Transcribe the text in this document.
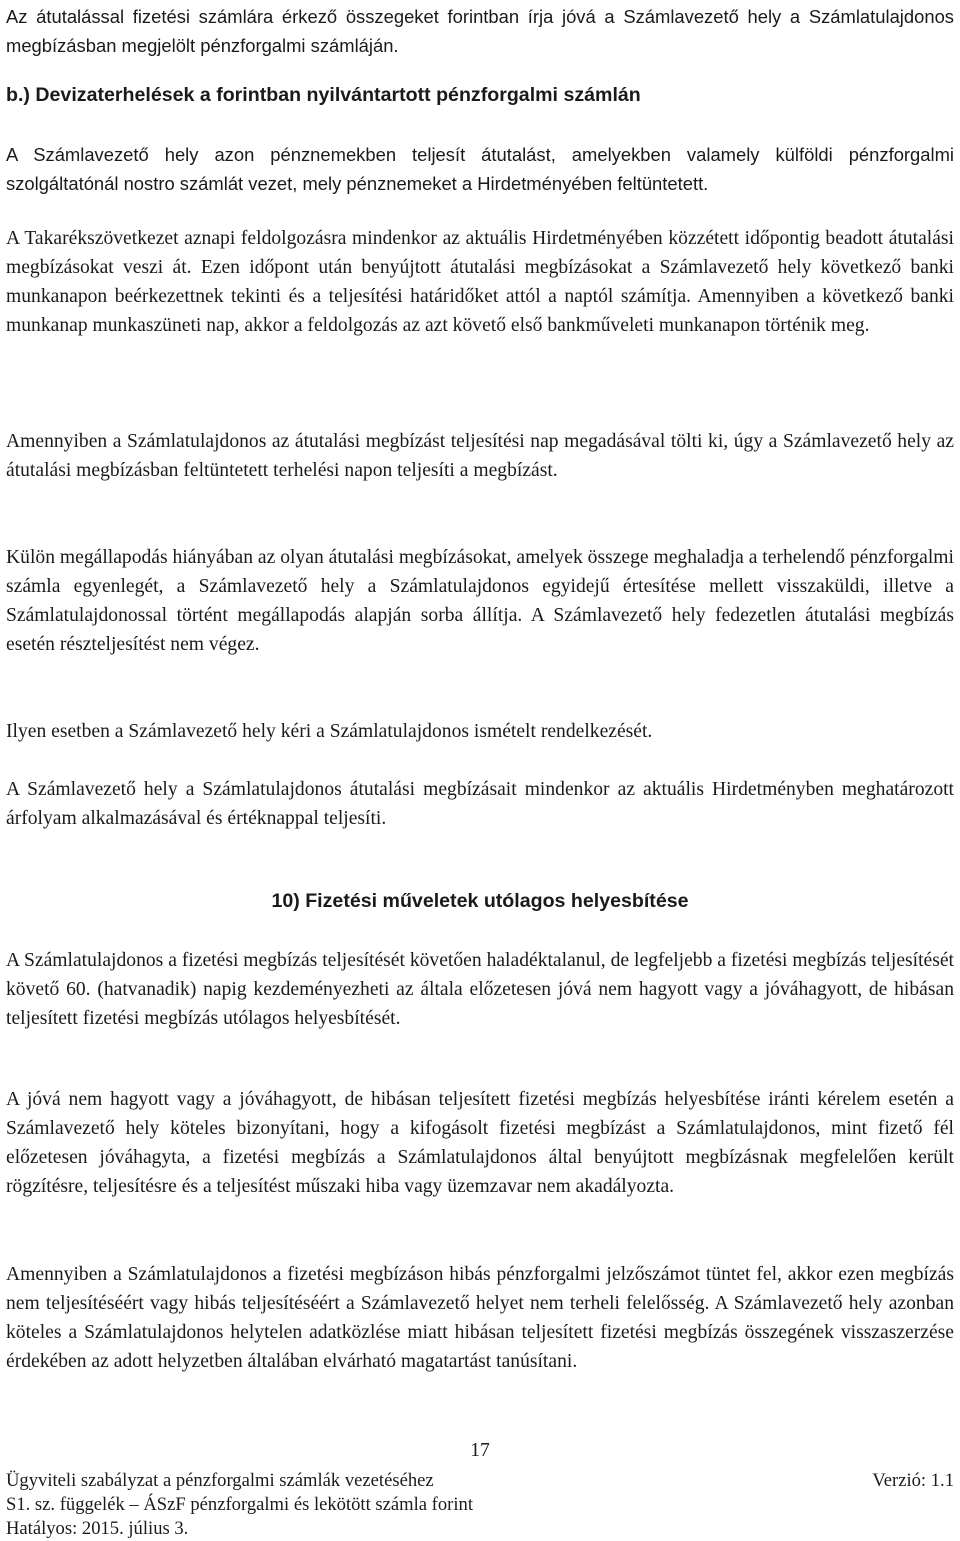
Az átutalással fizetési számlára érkező összegeket forintban írja jóvá a Számlavezető hely a Számlatulajdonos megbízásban megjelölt pénzforgalmi számláján.

b.) Devizaterhelések a forintban nyilvántartott pénzforgalmi számlán

A Számlavezető hely azon pénznemekben teljesít átutalást, amelyekben valamely külföldi pénzforgalmi szolgáltatónál nostro számlát vezet, mely pénznemeket a Hirdetményében feltüntetett.

A Takarékszövetkezet aznapi feldolgozásra mindenkor az aktuális Hirdetményében közzétett időpontig beadott átutalási megbízásokat veszi át. Ezen időpont után benyújtott átutalási megbízásokat a Számlavezető hely következő banki munkanapon beérkezettnek tekinti és a teljesítési határidőket attól a naptól számítja. Amennyiben a következő banki munkanap munkaszüneti nap, akkor a feldolgozás az azt követő első bankműveleti munkanapon történik meg.

Amennyiben a Számlatulajdonos az átutalási megbízást teljesítési nap megadásával tölti ki, úgy a Számlavezető hely az átutalási megbízásban feltüntetett terhelési napon teljesíti a megbízást.

Külön megállapodás hiányában az olyan átutalási megbízásokat, amelyek összege meghaladja a terhelendő pénzforgalmi számla egyenlegét, a Számlavezető hely a Számlatulajdonos egyidejű értesítése mellett visszaküldi, illetve a Számlatulajdonossal történt megállapodás alapján sorba állítja. A Számlavezető hely fedezetlen átutalási megbízás esetén részteljesítést nem végez.

Ilyen esetben a Számlavezető hely kéri a Számlatulajdonos ismételt rendelkezését.

A Számlavezető hely a Számlatulajdonos átutalási megbízásait mindenkor az aktuális Hirdetményben meghatározott árfolyam alkalmazásával és értéknappal teljesíti.

10) Fizetési műveletek utólagos helyesbítése

A Számlatulajdonos a fizetési megbízás teljesítését követően haladéktalanul, de legfeljebb a fizetési megbízás teljesítését követő 60. (hatvanadik) napig kezdeményezheti az általa előzetesen jóvá nem hagyott vagy a jóváhagyott, de hibásan teljesített fizetési megbízás utólagos helyesbítését.

A jóvá nem hagyott vagy a jóváhagyott, de hibásan teljesített fizetési megbízás helyesbítése iránti kérelem esetén a Számlavezető hely köteles bizonyítani, hogy a kifogásolt fizetési megbízást a Számlatulajdonos, mint fizető fél előzetesen jóváhagyta, a fizetési megbízás a Számlatulajdonos által benyújtott megbízásnak megfelelően került rögzítésre, teljesítésre és a teljesítést műszaki hiba vagy üzemzavar nem akadályozta.

Amennyiben a Számlatulajdonos a fizetési megbízáson hibás pénzforgalmi jelzőszámot tüntet fel, akkor ezen megbízás nem teljesítéséért vagy hibás teljesítéséért a Számlavezető helyet nem terheli felelősség. A Számlavezető hely azonban köteles a Számlatulajdonos helytelen adatközlése miatt hibásan teljesített fizetési megbízás összegének visszaszerzése érdekében az adott helyzetben általában elvárható magatartást tanúsítani.

17
Ügyviteli szabályzat a pénzforgalmi számlák vezetéséhez	Verzió: 1.1
S1. sz. függelék – ÁSzF pénzforgalmi és lekötött számla forint
Hatályos: 2015. július 3.
